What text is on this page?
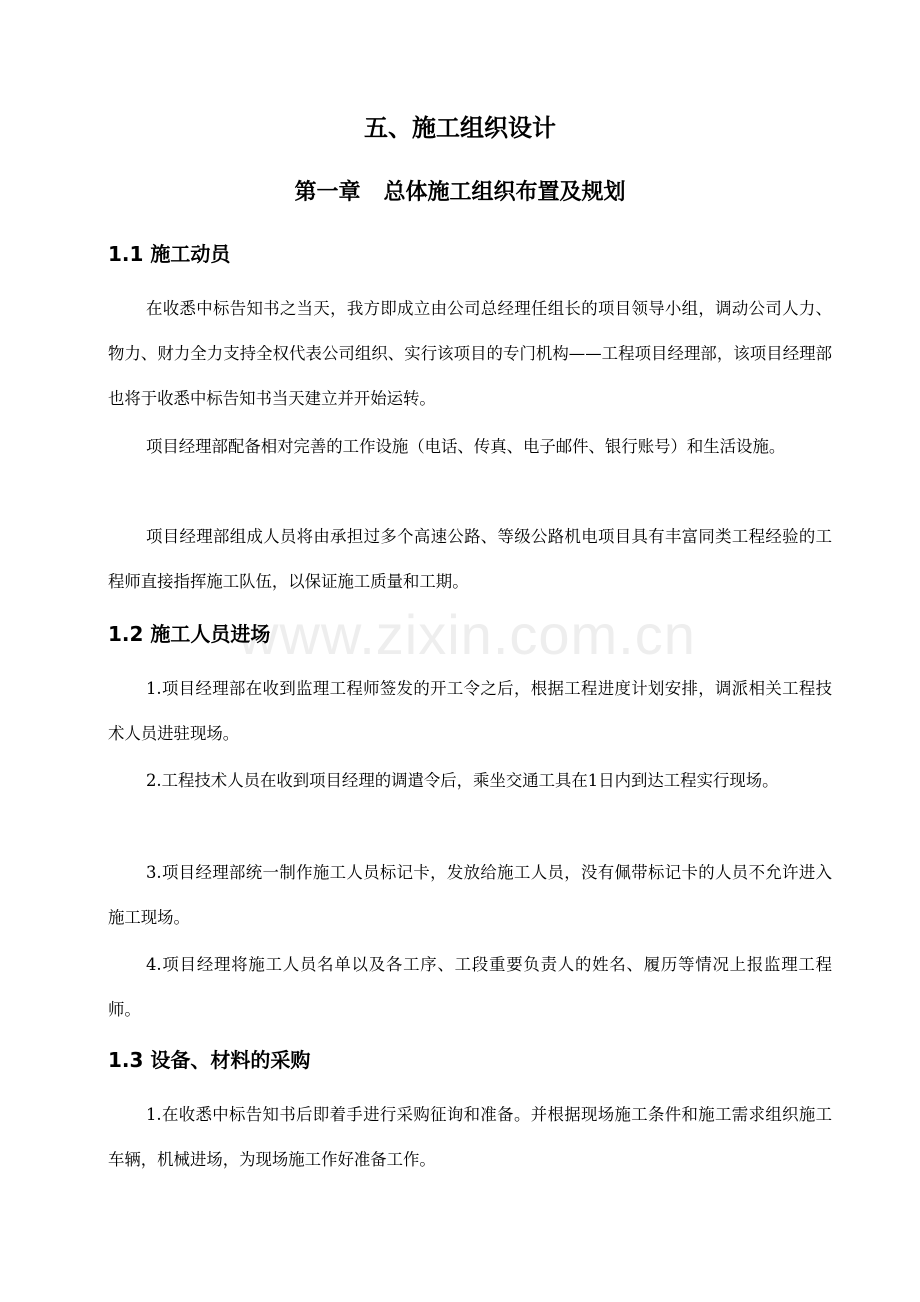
www.zixin.com.cn
五、施工组织设计
第一章   总体施工组织布置及规划
1.1 施工动员

在收悉中标告知书之当天，我方即成立由公司总经理任组长的项目领导小组，调动公司人力、物力、财力全力支持全权代表公司组织、实行该项目的专门机构——工程项目经理部，该项目经理部也将于收悉中标告知书当天建立并开始运转。

项目经理部配备相对完善的工作设施（电话、传真、电子邮件、银行账号）和生活设施。

项目经理部组成人员将由承担过多个高速公路、等级公路机电项目具有丰富同类工程经验的工程师直接指挥施工队伍，以保证施工质量和工期。

1.2 施工人员进场

1.项目经理部在收到监理工程师签发的开工令之后，根据工程进度计划安排，调派相关工程技术人员进驻现场。

2.工程技术人员在收到项目经理的调遣令后，乘坐交通工具在1日内到达工程实行现场。

3.项目经理部统一制作施工人员标记卡，发放给施工人员，没有佩带标记卡的人员不允许进入施工现场。

4.项目经理将施工人员名单以及各工序、工段重要负责人的姓名、履历等情况上报监理工程师。

1.3 设备、材料的采购

1.在收悉中标告知书后即着手进行采购征询和准备。并根据现场施工条件和施工需求组织施工车辆，机械进场，为现场施工作好准备工作。
